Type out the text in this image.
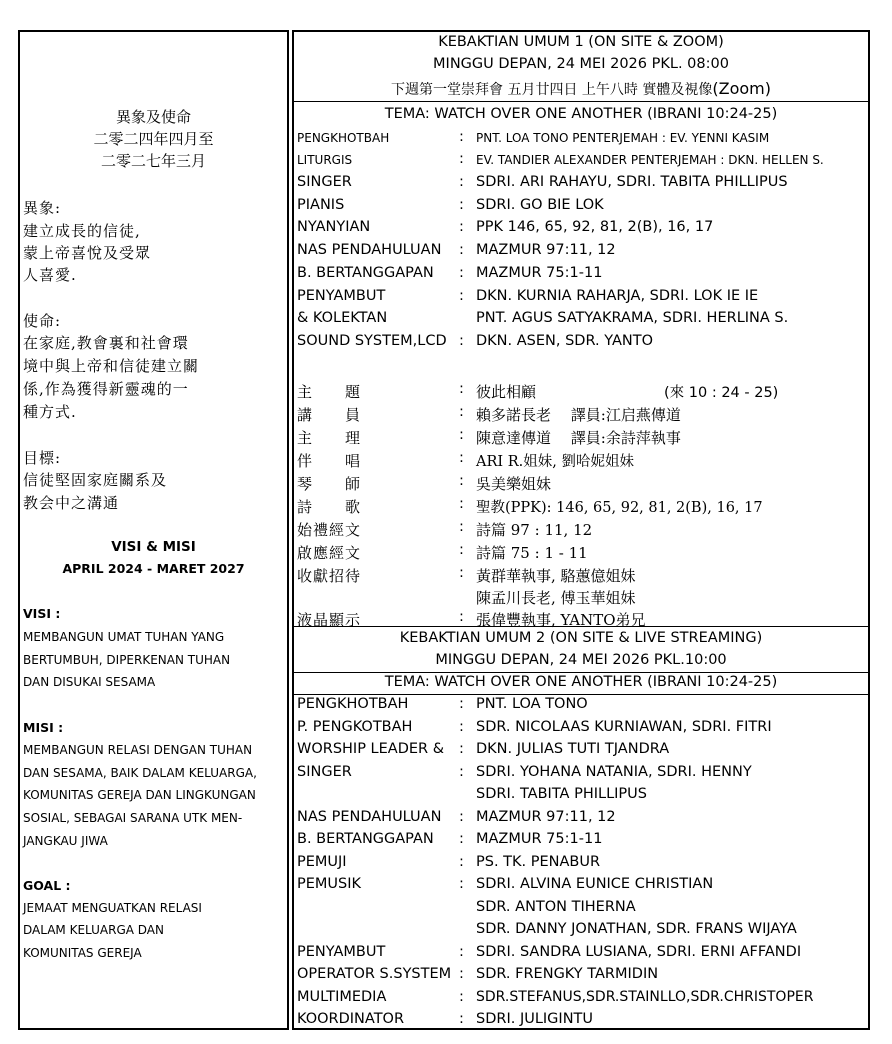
異象及使命
二零二四年四月至
二零二七年三月
異象:
建立成長的信徒,
蒙上帝喜悅及受眾
人喜愛.
使命:
在家庭,教會裏和社會環
境中與上帝和信徒建立關
係,作為獲得新靈魂的一
種方式.
目標:
信徒堅固家庭關系及
教会中之溝通
VISI & MISI
APRIL 2024 - MARET 2027
VISI :
MEMBANGUN UMAT TUHAN YANG
BERTUMBUH, DIPERKENAN TUHAN
DAN DISUKAI SESAMA
MISI :
MEMBANGUN RELASI DENGAN TUHAN
DAN SESAMA, BAIK DALAM KELUARGA,
KOMUNITAS GEREJA DAN LINGKUNGAN
SOSIAL, SEBAGAI SARANA UTK MEN-
JANGKAU JIWA
GOAL :
JEMAAT MENGUATKAN RELASI
DALAM KELUARGA DAN
KOMUNITAS GEREJA
KEBAKTIAN UMUM 1 (ON SITE & ZOOM)
MINGGU DEPAN, 24 MEI 2026 PKL. 08:00
下週第一堂崇拜會 五月廿四日 上午八時 實體及視像(Zoom)
TEMA: WATCH OVER ONE ANOTHER (IBRANI 10:24-25)
PENGKHOTBAH	: PNT. LOA TONO PENTERJEMAH : EV. YENNI KASIM
LITURGIS	: EV. TANDIER ALEXANDER PENTERJEMAH : DKN. HELLEN S.
SINGER	: SDRI. ARI RAHAYU, SDRI. TABITA PHILLIPUS
PIANIS	: SDRI. GO BIE LOK
NYANYIAN	: PPK 146, 65, 92, 81, 2(B), 16, 17
NAS PENDAHULUAN : MAZMUR 97:11, 12
B. BERTANGGAPAN : MAZMUR 75:1-11
PENYAMBUT	: DKN. KURNIA RAHARJA, SDRI. LOK IE IE
& KOLEKTAN	PNT. AGUS SATYAKRAMA, SDRI. HERLINA S.
SOUND SYSTEM,LCD : DKN. ASEN, SDR. YANTO
主　　題	: 彼此相顧	(來 10 : 24 - 25)
講　　員	: 賴多諾長老　 譯員:江启燕傳道
主　　理	: 陳意達傳道　 譯員:余詩萍執事
伴　　唱	: ARI R.姐妹, 劉哈妮姐妹
琴　　師	: 吳美樂姐妹
詩　　歌	: 聖教(PPK): 146, 65, 92, 81, 2(B), 16, 17
始禮經文	: 詩篇 97 : 11, 12
啟應經文	: 詩篇 75 : 1 - 11
收獻招待	: 黃群華執事, 駱蕙億姐妹
陳孟川長老, 傅玉華姐妹
液晶顯示	: 張偉豐執事, YANTO弟兄
KEBAKTIAN UMUM 2 (ON SITE & LIVE STREAMING)
MINGGU DEPAN, 24 MEI 2026 PKL.10:00
TEMA: WATCH OVER ONE ANOTHER (IBRANI 10:24-25)
PENGKHOTBAH	: PNT. LOA TONO
P. PENGKOTBAH	: SDR. NICOLAAS KURNIAWAN, SDRI. FITRI
WORSHIP LEADER & : DKN. JULIAS TUTI TJANDRA
SINGER	: SDRI. YOHANA NATANIA, SDRI. HENNY
SDRI. TABITA PHILLIPUS
NAS PENDAHULUAN : MAZMUR 97:11, 12
B. BERTANGGAPAN : MAZMUR 75:1-11
PEMUJI	: PS. TK. PENABUR
PEMUSIK	: SDRI. ALVINA EUNICE CHRISTIAN
SDR. ANTON TIHERNA
SDR. DANNY JONATHAN, SDR. FRANS WIJAYA
PENYAMBUT	: SDRI. SANDRA LUSIANA, SDRI. ERNI AFFANDI
OPERATOR S.SYSTEM : SDR. FRENGKY TARMIDIN
MULTIMEDIA	: SDR.STEFANUS,SDR.STAINLLO,SDR.CHRISTOPER
KOORDINATOR	: SDRI. JULIGINTU
